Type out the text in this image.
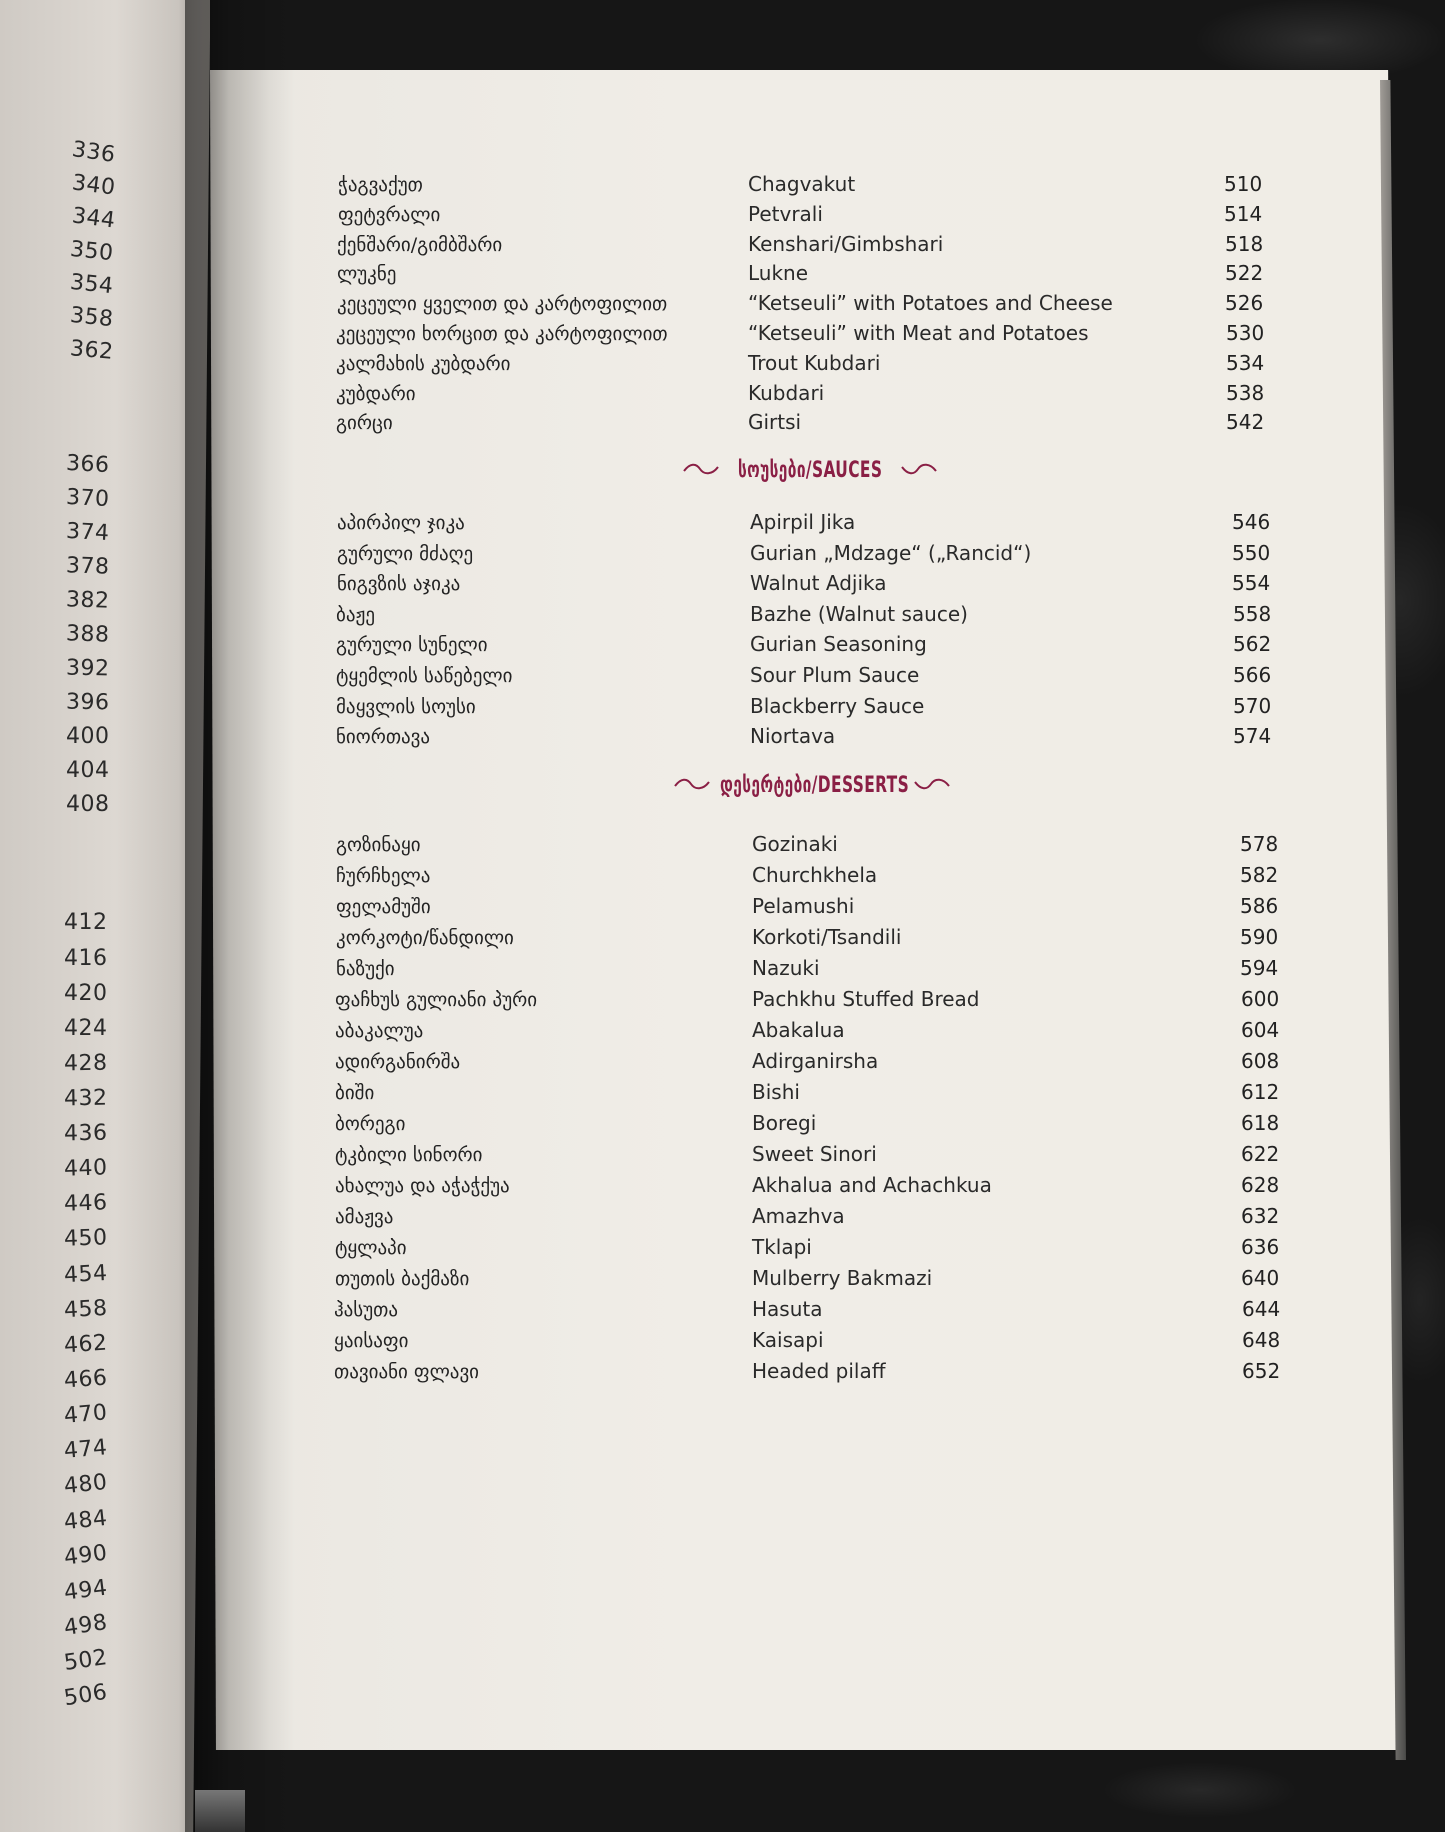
336
340
344
350
354
358
362
366
370
374
378
382
388
392
396
400
404
408
412
416
420
424
428
432
436
440
446
450
454
458
462
466
470
474
480
484
490
494
498
502
506
ჭაგვაქუთ	Chagvakut	510
ფეტვრალი	Petvrali	514
ქენშარი/გიმბშარი	Kenshari/Gimbshari	518
ლუკნე	Lukne	522
კეცეული ყველით და კარტოფილით	“Ketseuli” with Potatoes and Cheese	526
კეცეული ხორცით და კარტოფილით	“Ketseuli” with Meat and Potatoes	530
კალმახის კუბდარი	Trout Kubdari	534
კუბდარი	Kubdari	538
გირცი	Girtsi	542
აპირპილ ჯიკა	Apirpil Jika	546
გურული მძაღე	Gurian „Mdzage“ („Rancid“)	550
ნიგვზის აჯიკა	Walnut Adjika	554
ბაჟე	Bazhe (Walnut sauce)	558
გურული სუნელი	Gurian Seasoning	562
ტყემლის საწებელი	Sour Plum Sauce	566
მაყვლის სოუსი	Blackberry Sauce	570
ნიორთავა	Niortava	574
გოზინაყი	Gozinaki	578
ჩურჩხელა	Churchkhela	582
ფელამუში	Pelamushi	586
კორკოტი/წანდილი	Korkoti/Tsandili	590
ნაზუქი	Nazuki	594
ფაჩხუს გულიანი პური	Pachkhu Stuffed Bread	600
აბაკალუა	Abakalua	604
ადირგანირშა	Adirganirsha	608
ბიში	Bishi	612
ბორეგი	Boregi	618
ტკბილი სინორი	Sweet Sinori	622
ახალუა და აჭაჭქუა	Akhalua and Achachkua	628
ამაჟვა	Amazhva	632
ტყლაპი	Tklapi	636
თუთის ბაქმაზი	Mulberry Bakmazi	640
ჰასუთა	Hasuta	644
ყაისაფი	Kaisapi	648
თავიანი ფლავი	Headed pilaff	652
სოუსები/SAUCES
დესერტები/DESSERTS
